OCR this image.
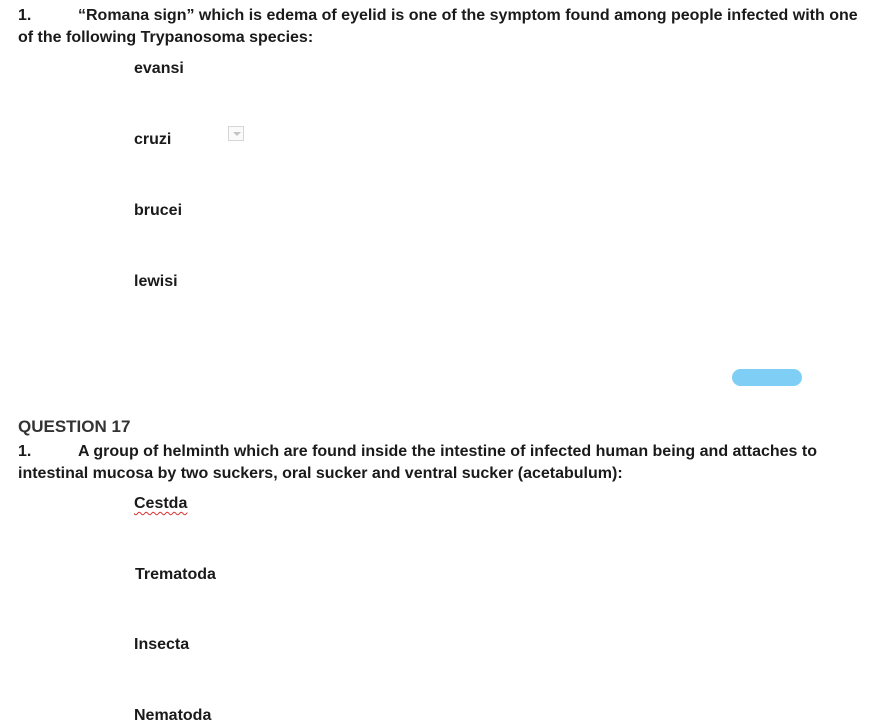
1.	“Romana sign” which is edema of eyelid is one of the symptom found among people infected with one of the following Trypanosoma species:

evansi
cruzi
brucei
lewisi
QUESTION 17

1.	A group of helminth which are found inside the intestine of infected human being and attaches to intestinal mucosa by two suckers, oral sucker and ventral sucker (acetabulum):

Cestda
Trematoda
Insecta
Nematoda
